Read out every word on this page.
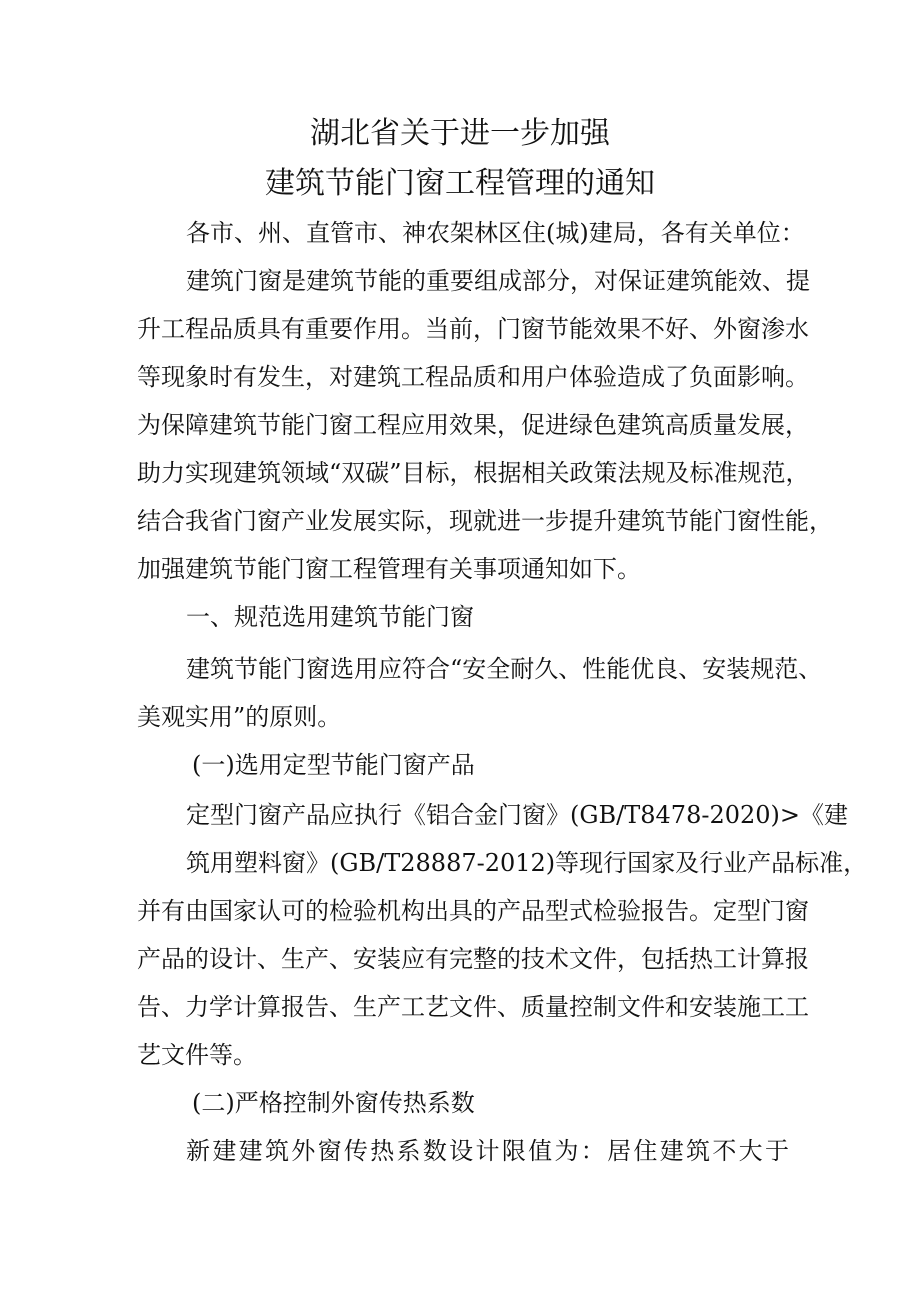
湖北省关于进一步加强
建筑节能门窗工程管理的通知
各市、州、直管市、神农架林区住(城)建局，各有关单位：
建筑门窗是建筑节能的重要组成部分，对保证建筑能效、提
升工程品质具有重要作用。当前，门窗节能效果不好、外窗渗水
等现象时有发生，对建筑工程品质和用户体验造成了负面影响。
为保障建筑节能门窗工程应用效果，促进绿色建筑高质量发展，
助力实现建筑领域“双碳”目标，根据相关政策法规及标准规范，
结合我省门窗产业发展实际，现就进一步提升建筑节能门窗性能，
加强建筑节能门窗工程管理有关事项通知如下。
一、规范选用建筑节能门窗
建筑节能门窗选用应符合“安全耐久、性能优良、安装规范、
美观实用”的原则。
(一)选用定型节能门窗产品
定型门窗产品应执行《铝合金门窗》(GB/T8478-2020)>《建
筑用塑料窗》(GB/T28887-2012)等现行国家及行业产品标准，
并有由国家认可的检验机构出具的产品型式检验报告。定型门窗
产品的设计、生产、安装应有完整的技术文件，包括热工计算报
告、力学计算报告、生产工艺文件、质量控制文件和安装施工工
艺文件等。
(二)严格控制外窗传热系数
新建建筑外窗传热系数设计限值为：居住建筑不大于
